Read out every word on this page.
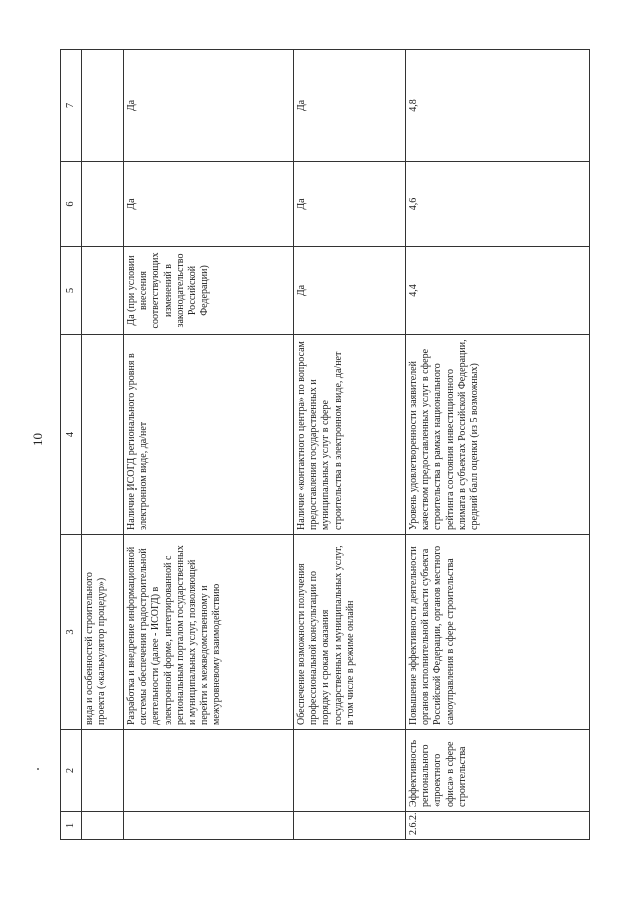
10
1	2	3	4	5	6	7
		вида и особенностей строительного проекта («калькулятор процедур»)				
		Разработка и внедрение информационной системы обеспечения градостроительной деятельности (далее - ИСОГД) в электронной форме, интегрированной с региональным порталом государственных и муниципальных услуг, позволяющей перейти к межведомственному и межуровневому взаимодействию	Наличие ИСОГД регионального уровня в электронном виде, да/нет	Да (при условии внесения соответствующих изменений в законодательство Российской Федерации)	Да	Да
		Обеспечение возможности получения профессиональной консультации по порядку и срокам оказания государственных и муниципальных услуг, в том числе в режиме онлайн	Наличие «контактного центра» по вопросам предоставления государственных и муниципальных услуг в сфере строительства в электронном виде, да/нет	Да	Да	Да
2.6.2.	Эффективность регионального «проектного офиса» в сфере строительства	Повышение эффективности деятельности органов исполнительной власти субъекта Российской Федерации, органов местного самоуправления в сфере строительства	Уровень удовлетворенности заявителей качеством предоставленных услуг в сфере строительства в рамках национального рейтинга состояния инвестиционного климата в субъектах Российской Федерации, средний балл оценки (из 5 возможных)	4,4	4,6	4,8
